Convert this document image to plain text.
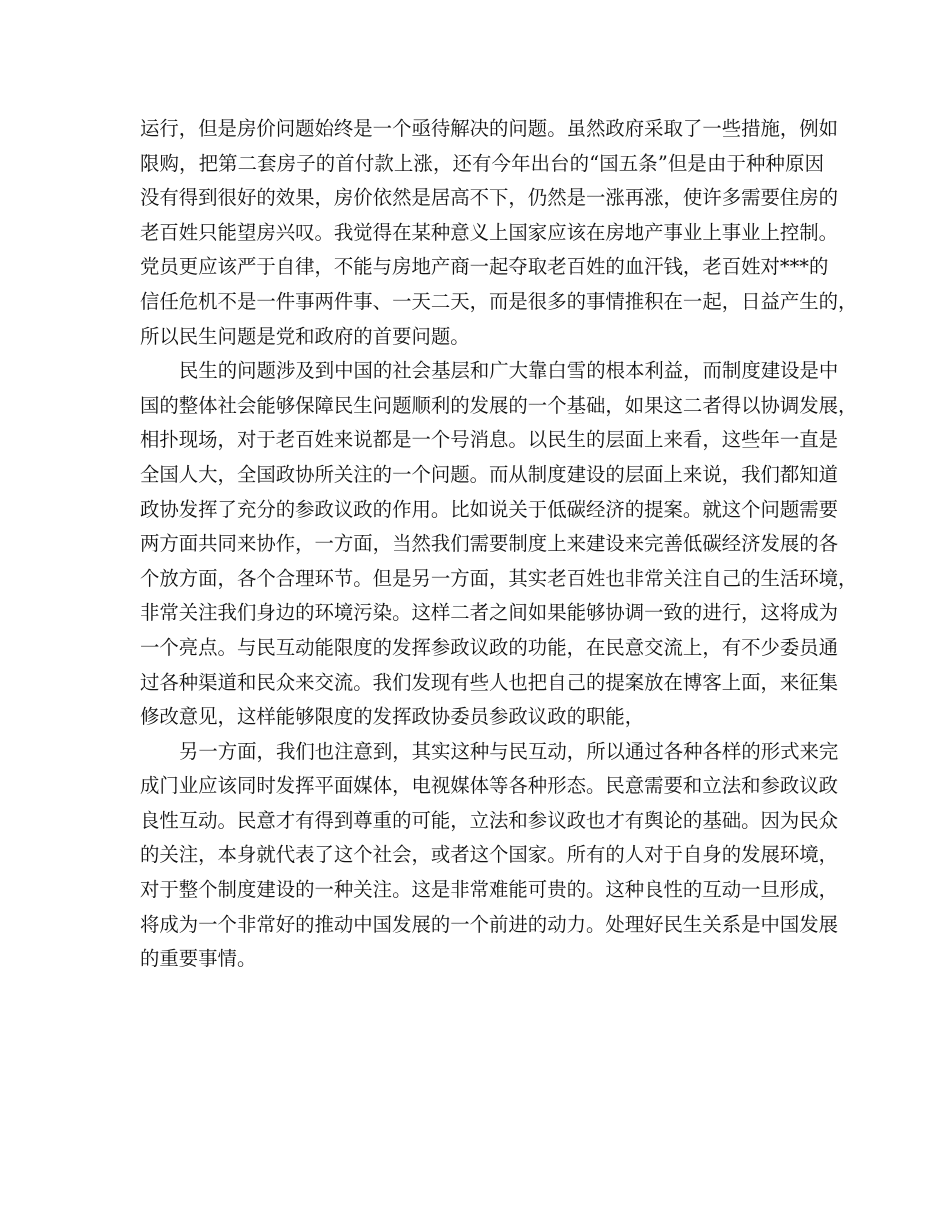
运行，但是房价问题始终是一个亟待解决的问题。虽然政府采取了一些措施，例如
限购，把第二套房子的首付款上涨，还有今年出台的“国五条”但是由于种种原因
没有得到很好的效果，房价依然是居高不下，仍然是一涨再涨，使许多需要住房的
老百姓只能望房兴叹。我觉得在某种意义上国家应该在房地产事业上事业上控制。
党员更应该严于自律，不能与房地产商一起夺取老百姓的血汗钱，老百姓对***的
信任危机不是一件事两件事、一天二天，而是很多的事情推积在一起，日益产生的，
所以民生问题是党和政府的首要问题。
民生的问题涉及到中国的社会基层和广大靠白雪的根本利益，而制度建设是中
国的整体社会能够保障民生问题顺利的发展的一个基础，如果这二者得以协调发展，
相扑现场，对于老百姓来说都是一个号消息。以民生的层面上来看，这些年一直是
全国人大，全国政协所关注的一个问题。而从制度建设的层面上来说，我们都知道
政协发挥了充分的参政议政的作用。比如说关于低碳经济的提案。就这个问题需要
两方面共同来协作，一方面，当然我们需要制度上来建设来完善低碳经济发展的各
个放方面，各个合理环节。但是另一方面，其实老百姓也非常关注自己的生活环境，
非常关注我们身边的环境污染。这样二者之间如果能够协调一致的进行，这将成为
一个亮点。与民互动能限度的发挥参政议政的功能，在民意交流上，有不少委员通
过各种渠道和民众来交流。我们发现有些人也把自己的提案放在博客上面，来征集
修改意见，这样能够限度的发挥政协委员参政议政的职能，
另一方面，我们也注意到，其实这种与民互动，所以通过各种各样的形式来完
成门业应该同时发挥平面媒体，电视媒体等各种形态。民意需要和立法和参政议政
良性互动。民意才有得到尊重的可能，立法和参议政也才有舆论的基础。因为民众
的关注，本身就代表了这个社会，或者这个国家。所有的人对于自身的发展环境，
对于整个制度建设的一种关注。这是非常难能可贵的。这种良性的互动一旦形成，
将成为一个非常好的推动中国发展的一个前进的动力。处理好民生关系是中国发展
的重要事情。
